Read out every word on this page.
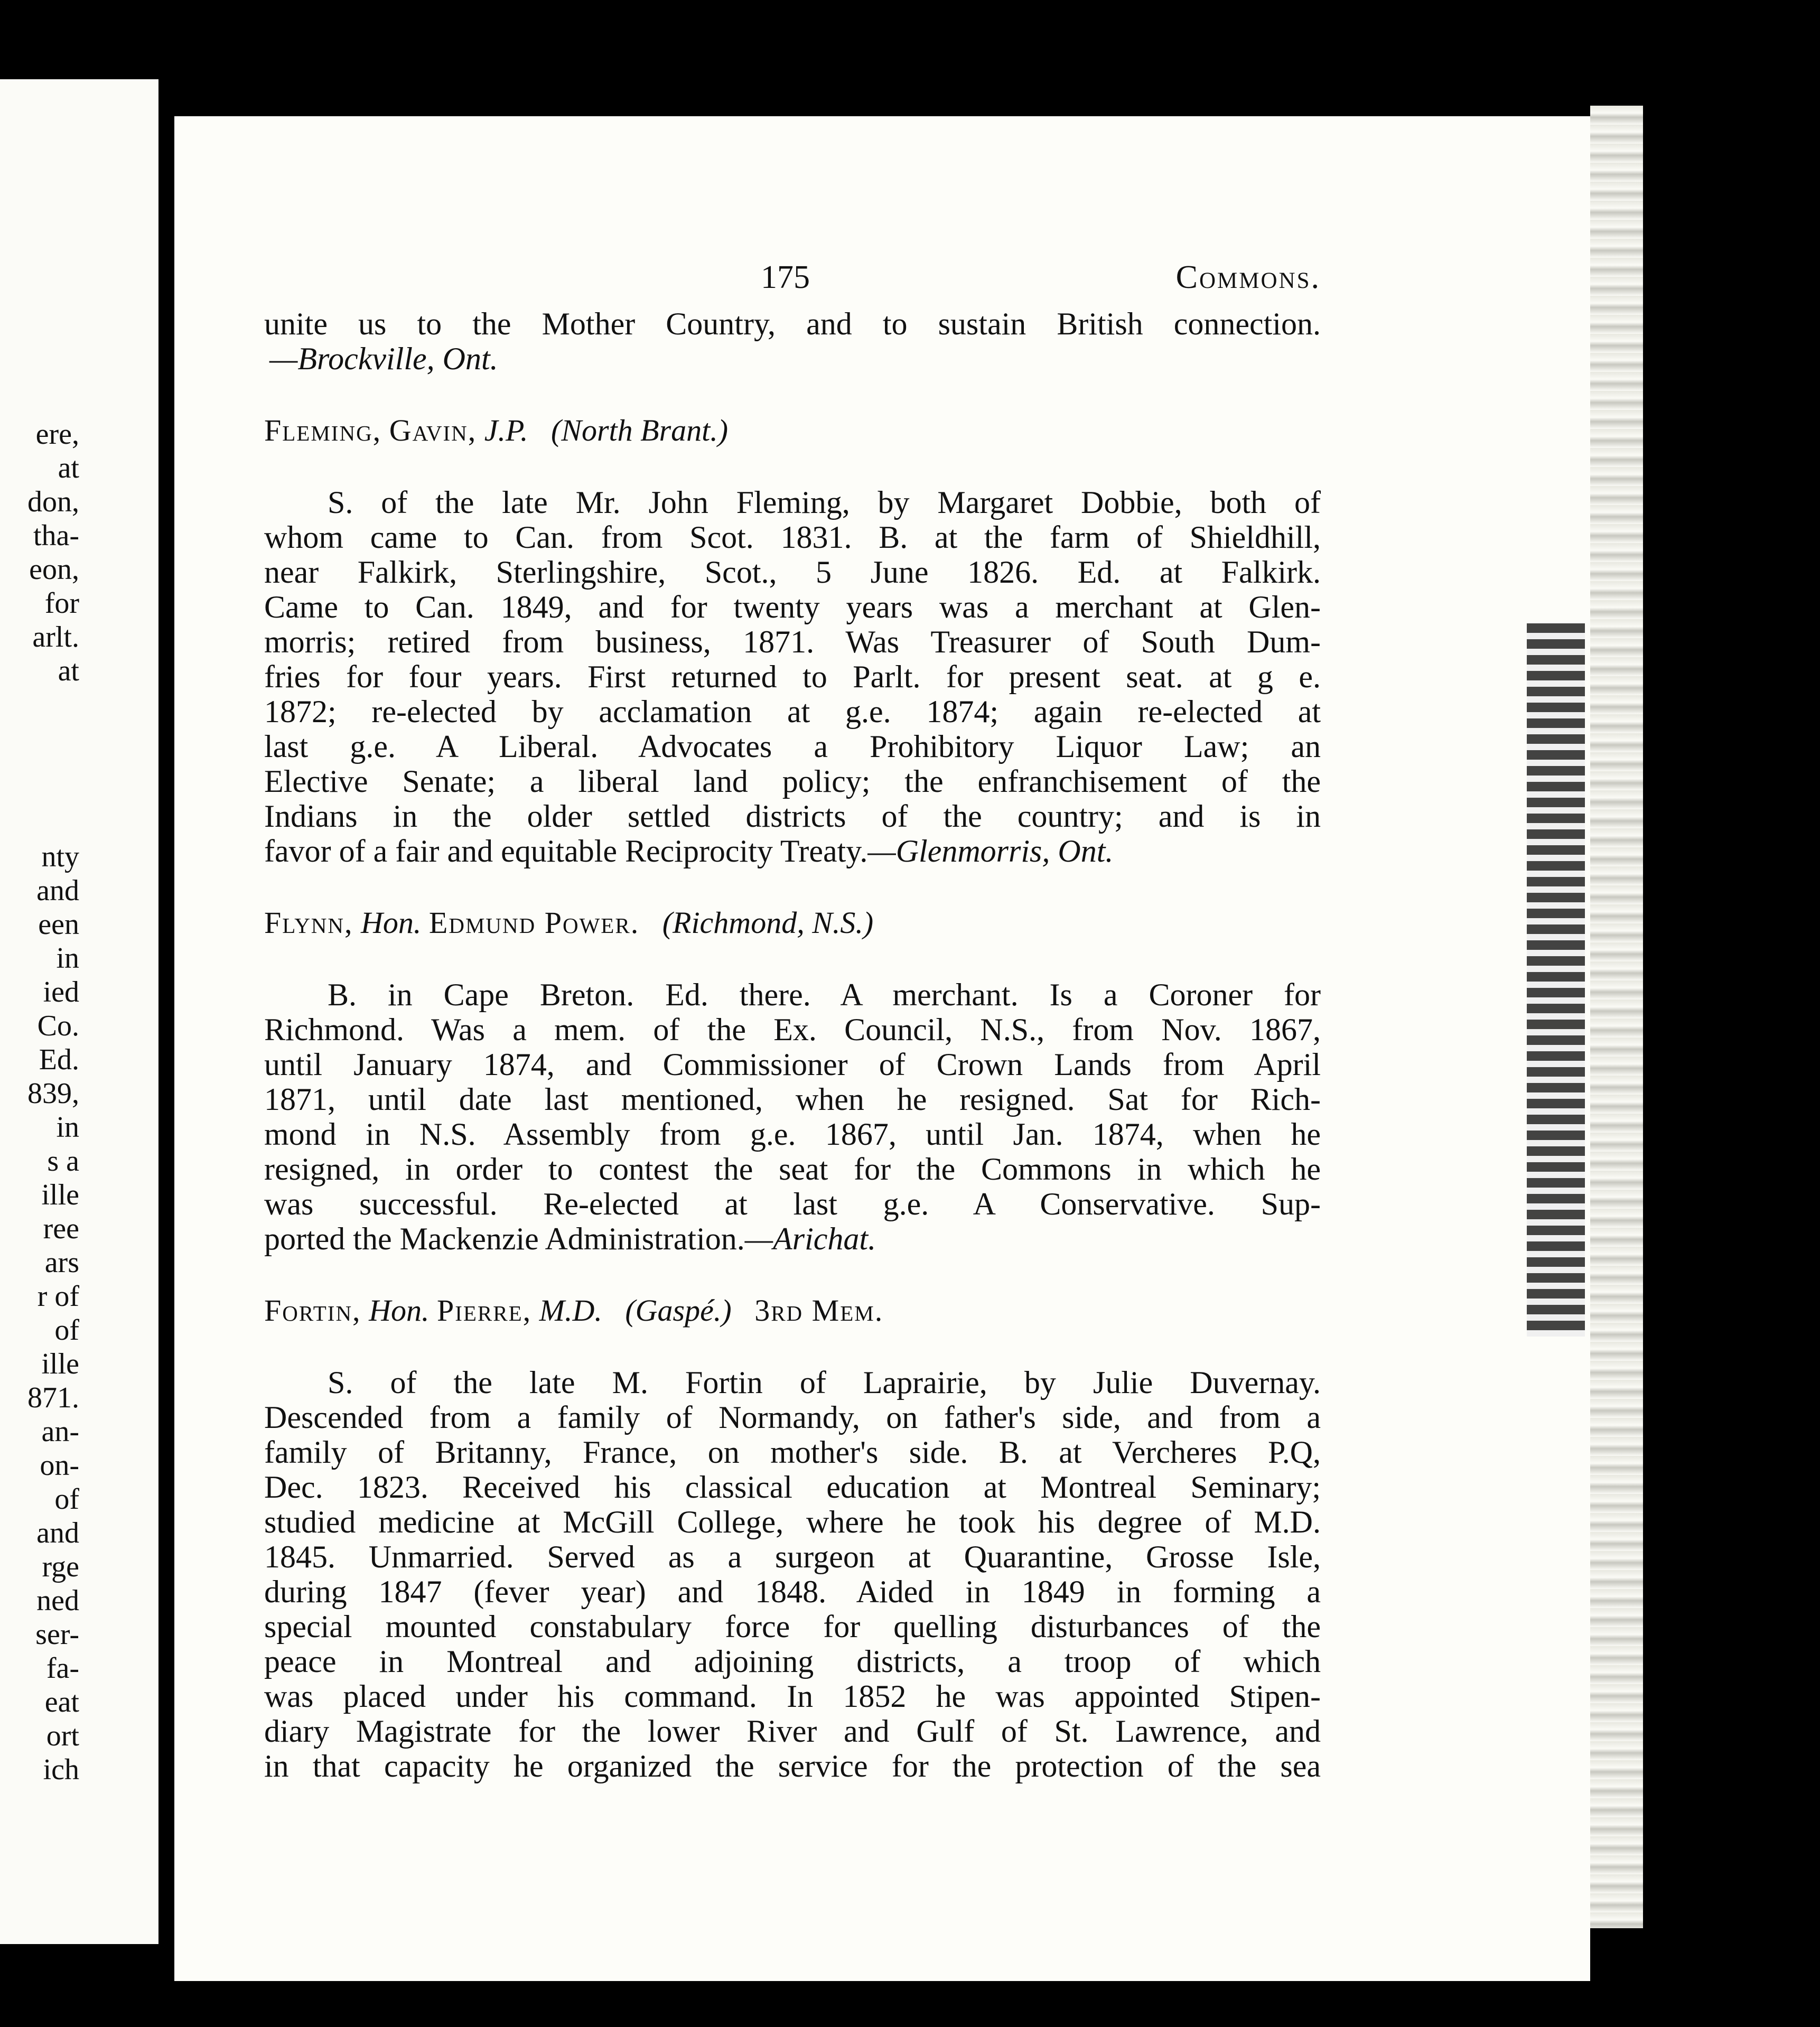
ere,
at
don,
tha-
eon,
for
arlt.
at
nty
and
een
in
ied
Co.
Ed.
839,
in
s a
ille
ree
ars
r of
of
ille
871.
an-
on-
of
and
rge
ned
ser-
fa-
eat
ort
ich
175	Commons.
unite us to the Mother Country, and to sustain British connection.
—Brockville, Ont.
Fleming, Gavin, J.P. (North Brant.)
S. of the late Mr. John Fleming, by Margaret Dobbie, both of
whom came to Can. from Scot. 1831. B. at the farm of Shieldhill,
near Falkirk, Sterlingshire, Scot., 5 June 1826. Ed. at Falkirk.
Came to Can. 1849, and for twenty years was a merchant at Glen-
morris; retired from business, 1871. Was Treasurer of South Dum-
fries for four years. First returned to Parlt. for present seat. at g e.
1872; re-elected by acclamation at g.e. 1874; again re-elected at
last g.e. A Liberal. Advocates a Prohibitory Liquor Law; an
Elective Senate; a liberal land policy; the enfranchisement of the
Indians in the older settled districts of the country; and is in
favor of a fair and equitable Reciprocity Treaty.—Glenmorris, Ont.
Flynn, Hon. Edmund Power. (Richmond, N.S.)
B. in Cape Breton. Ed. there. A merchant. Is a Coroner for
Richmond. Was a mem. of the Ex. Council, N.S., from Nov. 1867,
until January 1874, and Commissioner of Crown Lands from April
1871, until date last mentioned, when he resigned. Sat for Rich-
mond in N.S. Assembly from g.e. 1867, until Jan. 1874, when he
resigned, in order to contest the seat for the Commons in which he
was successful. Re-elected at last g.e. A Conservative. Sup-
ported the Mackenzie Administration.—Arichat.
Fortin, Hon. Pierre, M.D. (Gaspé.) 3rd Mem.
S. of the late M. Fortin of Laprairie, by Julie Duvernay.
Descended from a family of Normandy, on father's side, and from a
family of Britanny, France, on mother's side. B. at Vercheres P.Q,
Dec. 1823. Received his classical education at Montreal Seminary;
studied medicine at McGill College, where he took his degree of M.D.
1845. Unmarried. Served as a surgeon at Quarantine, Grosse Isle,
during 1847 (fever year) and 1848. Aided in 1849 in forming a
special mounted constabulary force for quelling disturbances of the
peace in Montreal and adjoining districts, a troop of which
was placed under his command. In 1852 he was appointed Stipen-
diary Magistrate for the lower River and Gulf of St. Lawrence, and
in that capacity he organized the service for the protection of the sea
